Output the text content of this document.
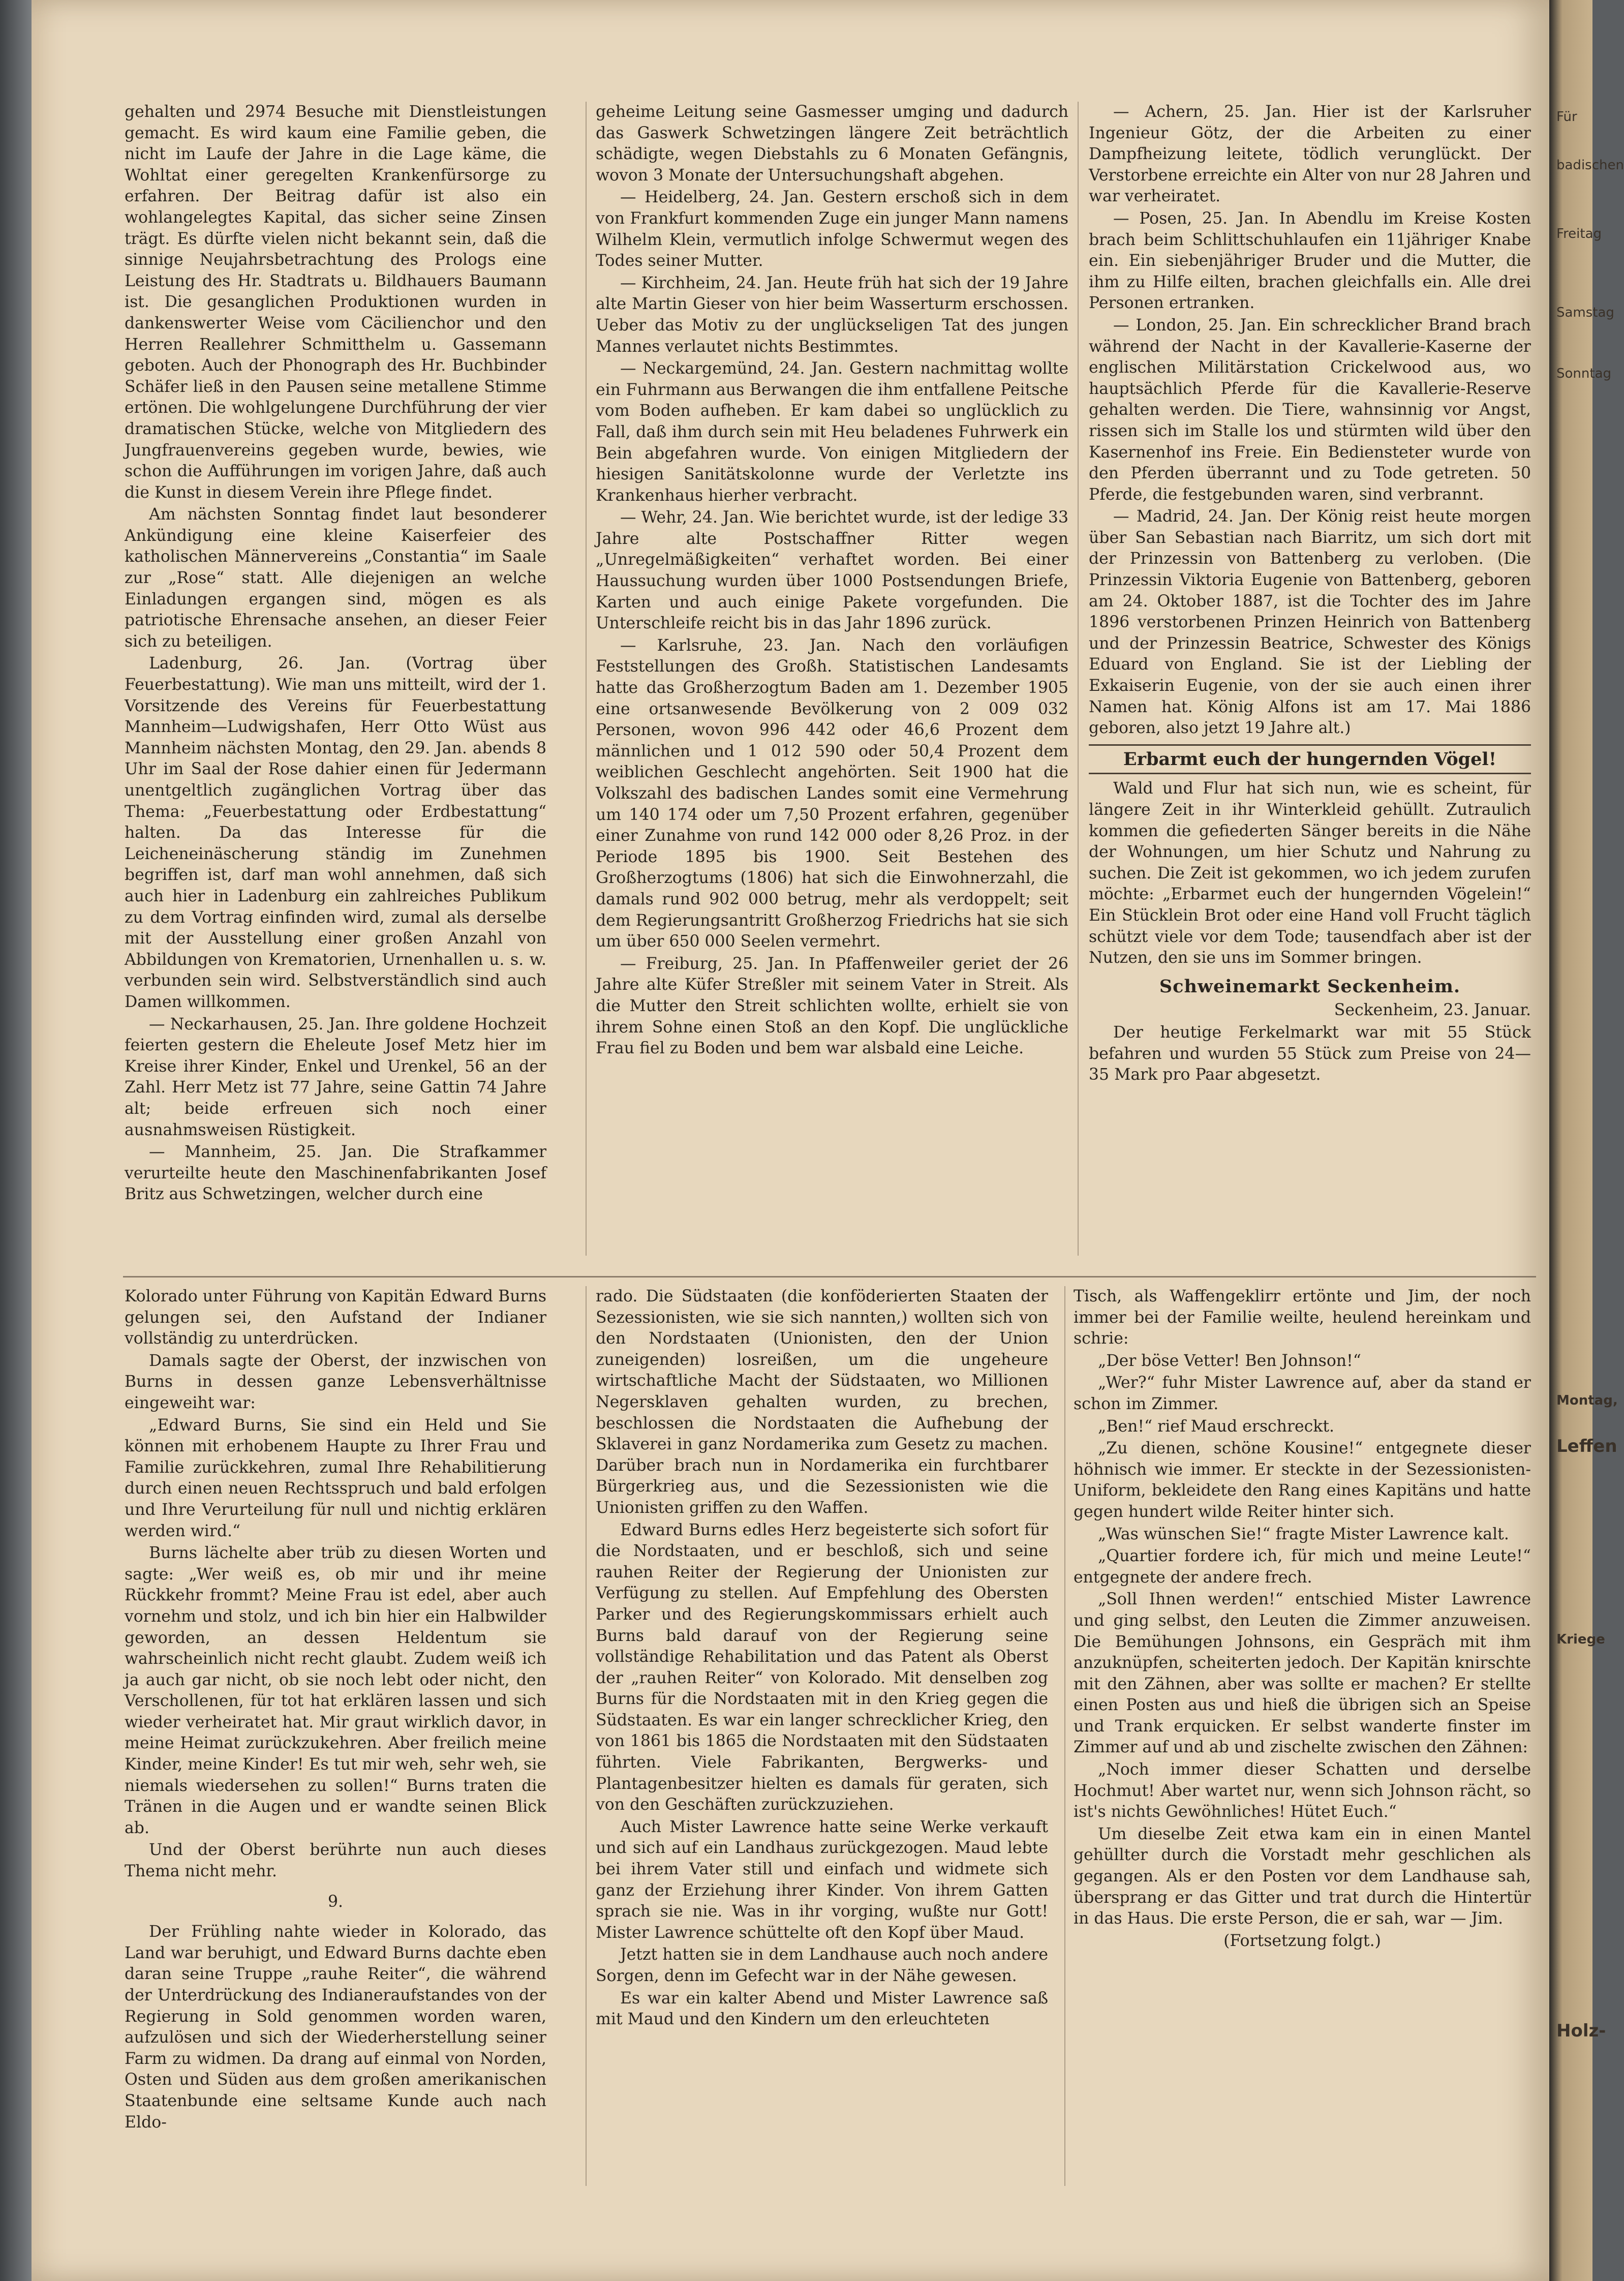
gehalten und 2974 Besuche mit Dienstleistungen gemacht. Es wird kaum eine Familie geben, die nicht im Laufe der Jahre in die Lage käme, die Wohltat einer geregelten Krankenfürsorge zu erfahren. Der Beitrag dafür ist also ein wohlangelegtes Kapital, das sicher seine Zinsen trägt. Es dürfte vielen nicht bekannt sein, daß die sinnige Neujahrsbetrachtung des Prologs eine Leistung des Hr. Stadtrats u. Bildhauers Baumann ist. Die gesanglichen Produktionen wurden in dankenswerter Weise vom Cäcilienchor und den Herren Reallehrer Schmitthelm u. Gassemann geboten. Auch der Phonograph des Hr. Buchbinder Schäfer ließ in den Pausen seine metallene Stimme ertönen. Die wohlgelungene Durchführung der vier dramatischen Stücke, welche von Mitgliedern des Jungfrauenvereins gegeben wurde, bewies, wie schon die Aufführungen im vorigen Jahre, daß auch die Kunst in diesem Verein ihre Pflege findet.

Am nächsten Sonntag findet laut besonderer Ankündigung eine kleine Kaiserfeier des katholischen Männervereins „Constantia“ im Saale zur „Rose“ statt. Alle diejenigen an welche Einladungen ergangen sind, mögen es als patriotische Ehrensache ansehen, an dieser Feier sich zu beteiligen.

Ladenburg, 26. Jan. (Vortrag über Feuerbestattung). Wie man uns mitteilt, wird der 1. Vorsitzende des Vereins für Feuerbestattung Mannheim—Ludwigshafen, Herr Otto Wüst aus Mannheim nächsten Montag, den 29. Jan. abends 8 Uhr im Saal der Rose dahier einen für Jedermann unentgeltlich zugänglichen Vortrag über das Thema: „Feuerbestattung oder Erdbestattung“ halten. Da das Interesse für die Leicheneinäscherung ständig im Zunehmen begriffen ist, darf man wohl annehmen, daß sich auch hier in Ladenburg ein zahlreiches Publikum zu dem Vortrag einfinden wird, zumal als derselbe mit der Ausstellung einer großen Anzahl von Abbildungen von Krematorien, Urnenhallen u. s. w. verbunden sein wird. Selbstverständlich sind auch Damen willkommen.

— Neckarhausen, 25. Jan. Ihre goldene Hochzeit feierten gestern die Eheleute Josef Metz hier im Kreise ihrer Kinder, Enkel und Urenkel, 56 an der Zahl. Herr Metz ist 77 Jahre, seine Gattin 74 Jahre alt; beide erfreuen sich noch einer ausnahmsweisen Rüstigkeit.

— Mannheim, 25. Jan. Die Strafkammer verurteilte heute den Maschinenfabrikanten Josef Britz aus Schwetzingen, welcher durch eine

geheime Leitung seine Gasmesser umging und dadurch das Gaswerk Schwetzingen längere Zeit beträchtlich schädigte, wegen Diebstahls zu 6 Monaten Gefängnis, wovon 3 Monate der Untersuchungshaft abgehen.

— Heidelberg, 24. Jan. Gestern erschoß sich in dem von Frankfurt kommenden Zuge ein junger Mann namens Wilhelm Klein, vermutlich infolge Schwermut wegen des Todes seiner Mutter.

— Kirchheim, 24. Jan. Heute früh hat sich der 19 Jahre alte Martin Gieser von hier beim Wasserturm erschossen. Ueber das Motiv zu der unglückseligen Tat des jungen Mannes verlautet nichts Bestimmtes.

— Neckargemünd, 24. Jan. Gestern nachmittag wollte ein Fuhrmann aus Berwangen die ihm entfallene Peitsche vom Boden aufheben. Er kam dabei so unglücklich zu Fall, daß ihm durch sein mit Heu beladenes Fuhrwerk ein Bein abgefahren wurde. Von einigen Mitgliedern der hiesigen Sanitätskolonne wurde der Verletzte ins Krankenhaus hierher verbracht.

— Wehr, 24. Jan. Wie berichtet wurde, ist der ledige 33 Jahre alte Postschaffner Ritter wegen „Unregelmäßigkeiten“ verhaftet worden. Bei einer Haussuchung wurden über 1000 Postsendungen Briefe, Karten und auch einige Pakete vorgefunden. Die Unterschleife reicht bis in das Jahr 1896 zurück.

— Karlsruhe, 23. Jan. Nach den vorläufigen Feststellungen des Großh. Statistischen Landesamts hatte das Großherzogtum Baden am 1. Dezember 1905 eine ortsanwesende Bevölkerung von 2 009 032 Personen, wovon 996 442 oder 46,6 Prozent dem männlichen und 1 012 590 oder 50,4 Prozent dem weiblichen Geschlecht angehörten. Seit 1900 hat die Volkszahl des badischen Landes somit eine Vermehrung um 140 174 oder um 7,50 Prozent erfahren, gegenüber einer Zunahme von rund 142 000 oder 8,26 Proz. in der Periode 1895 bis 1900. Seit Bestehen des Großherzogtums (1806) hat sich die Einwohnerzahl, die damals rund 902 000 betrug, mehr als verdoppelt; seit dem Regierungsantritt Großherzog Friedrichs hat sie sich um über 650 000 Seelen vermehrt.

— Freiburg, 25. Jan. In Pfaffenweiler geriet der 26 Jahre alte Küfer Streßler mit seinem Vater in Streit. Als die Mutter den Streit schlichten wollte, erhielt sie von ihrem Sohne einen Stoß an den Kopf. Die unglückliche Frau fiel zu Boden und bem war alsbald eine Leiche.

— Achern, 25. Jan. Hier ist der Karlsruher Ingenieur Götz, der die Arbeiten zu einer Dampfheizung leitete, tödlich verunglückt. Der Verstorbene erreichte ein Alter von nur 28 Jahren und war verheiratet.

— Posen, 25. Jan. In Abendlu im Kreise Kosten brach beim Schlittschuhlaufen ein 11jähriger Knabe ein. Ein siebenjähriger Bruder und die Mutter, die ihm zu Hilfe eilten, brachen gleichfalls ein. Alle drei Personen ertranken.

— London, 25. Jan. Ein schrecklicher Brand brach während der Nacht in der Kavallerie-Kaserne der englischen Militärstation Crickelwood aus, wo hauptsächlich Pferde für die Kavallerie-Reserve gehalten werden. Die Tiere, wahnsinnig vor Angst, rissen sich im Stalle los und stürmten wild über den Kasernenhof ins Freie. Ein Bediensteter wurde von den Pferden überrannt und zu Tode getreten. 50 Pferde, die festgebunden waren, sind verbrannt.

— Madrid, 24. Jan. Der König reist heute morgen über San Sebastian nach Biarritz, um sich dort mit der Prinzessin von Battenberg zu verloben. (Die Prinzessin Viktoria Eugenie von Battenberg, geboren am 24. Oktober 1887, ist die Tochter des im Jahre 1896 verstorbenen Prinzen Heinrich von Battenberg und der Prinzessin Beatrice, Schwester des Königs Eduard von England. Sie ist der Liebling der Exkaiserin Eugenie, von der sie auch einen ihrer Namen hat. König Alfons ist am 17. Mai 1886 geboren, also jetzt 19 Jahre alt.)

Erbarmt euch der hungernden Vögel!

Wald und Flur hat sich nun, wie es scheint, für längere Zeit in ihr Winterkleid gehüllt. Zutraulich kommen die gefiederten Sänger bereits in die Nähe der Wohnungen, um hier Schutz und Nahrung zu suchen. Die Zeit ist gekommen, wo ich jedem zurufen möchte: „Erbarmet euch der hungernden Vögelein!“ Ein Stücklein Brot oder eine Hand voll Frucht täglich schützt viele vor dem Tode; tausendfach aber ist der Nutzen, den sie uns im Sommer bringen.

Schweinemarkt Seckenheim.

Seckenheim, 23. Januar.

Der heutige Ferkelmarkt war mit 55 Stück befahren und wurden 55 Stück zum Preise von 24—35 Mark pro Paar abgesetzt.

Kolorado unter Führung von Kapitän Edward Burns gelungen sei, den Aufstand der Indianer vollständig zu unterdrücken.

Damals sagte der Oberst, der inzwischen von Burns in dessen ganze Lebensverhältnisse eingeweiht war:

„Edward Burns, Sie sind ein Held und Sie können mit erhobenem Haupte zu Ihrer Frau und Familie zurückkehren, zumal Ihre Rehabilitierung durch einen neuen Rechtsspruch und bald erfolgen und Ihre Verurteilung für null und nichtig erklären werden wird.“

Burns lächelte aber trüb zu diesen Worten und sagte: „Wer weiß es, ob mir und ihr meine Rückkehr frommt? Meine Frau ist edel, aber auch vornehm und stolz, und ich bin hier ein Halbwilder geworden, an dessen Heldentum sie wahrscheinlich nicht recht glaubt. Zudem weiß ich ja auch gar nicht, ob sie noch lebt oder nicht, den Verschollenen, für tot hat erklären lassen und sich wieder verheiratet hat. Mir graut wirklich davor, in meine Heimat zurückzukehren. Aber freilich meine Kinder, meine Kinder! Es tut mir weh, sehr weh, sie niemals wiedersehen zu sollen!“ Burns traten die Tränen in die Augen und er wandte seinen Blick ab.

Und der Oberst berührte nun auch dieses Thema nicht mehr.

9.

Der Frühling nahte wieder in Kolorado, das Land war beruhigt, und Edward Burns dachte eben daran seine Truppe „rauhe Reiter“, die während der Unterdrückung des Indianeraufstandes von der Regierung in Sold genommen worden waren, aufzulösen und sich der Wiederherstellung seiner Farm zu widmen. Da drang auf einmal von Norden, Osten und Süden aus dem großen amerikanischen Staatenbunde eine seltsame Kunde auch nach Eldo-

rado. Die Südstaaten (die konföderierten Staaten der Sezessionisten, wie sie sich nannten,) wollten sich von den Nordstaaten (Unionisten, den der Union zuneigenden) losreißen, um die ungeheure wirtschaftliche Macht der Südstaaten, wo Millionen Negersklaven gehalten wurden, zu brechen, beschlossen die Nordstaaten die Aufhebung der Sklaverei in ganz Nordamerika zum Gesetz zu machen. Darüber brach nun in Nordamerika ein furchtbarer Bürgerkrieg aus, und die Sezessionisten wie die Unionisten griffen zu den Waffen.

Edward Burns edles Herz begeisterte sich sofort für die Nordstaaten, und er beschloß, sich und seine rauhen Reiter der Regierung der Unionisten zur Verfügung zu stellen. Auf Empfehlung des Obersten Parker und des Regierungskommissars erhielt auch Burns bald darauf von der Regierung seine vollständige Rehabilitation und das Patent als Oberst der „rauhen Reiter“ von Kolorado. Mit denselben zog Burns für die Nordstaaten mit in den Krieg gegen die Südstaaten. Es war ein langer schrecklicher Krieg, den von 1861 bis 1865 die Nordstaaten mit den Südstaaten führten. Viele Fabrikanten, Bergwerks- und Plantagenbesitzer hielten es damals für geraten, sich von den Geschäften zurückzuziehen.

Auch Mister Lawrence hatte seine Werke verkauft und sich auf ein Landhaus zurückgezogen. Maud lebte bei ihrem Vater still und einfach und widmete sich ganz der Erziehung ihrer Kinder. Von ihrem Gatten sprach sie nie. Was in ihr vorging, wußte nur Gott! Mister Lawrence schüttelte oft den Kopf über Maud.

Jetzt hatten sie in dem Landhause auch noch andere Sorgen, denn im Gefecht war in der Nähe gewesen.

Es war ein kalter Abend und Mister Lawrence saß mit Maud und den Kindern um den erleuchteten

Tisch, als Waffengeklirr ertönte und Jim, der noch immer bei der Familie weilte, heulend hereinkam und schrie:

„Der böse Vetter! Ben Johnson!“

„Wer?“ fuhr Mister Lawrence auf, aber da stand er schon im Zimmer.

„Ben!“ rief Maud erschreckt.

„Zu dienen, schöne Kousine!“ entgegnete dieser höhnisch wie immer. Er steckte in der Sezessionisten-Uniform, bekleidete den Rang eines Kapitäns und hatte gegen hundert wilde Reiter hinter sich.

„Was wünschen Sie!“ fragte Mister Lawrence kalt.

„Quartier fordere ich, für mich und meine Leute!“ entgegnete der andere frech.

„Soll Ihnen werden!“ entschied Mister Lawrence und ging selbst, den Leuten die Zimmer anzuweisen. Die Bemühungen Johnsons, ein Gespräch mit ihm anzuknüpfen, scheiterten jedoch. Der Kapitän knirschte mit den Zähnen, aber was sollte er machen? Er stellte einen Posten aus und hieß die übrigen sich an Speise und Trank erquicken. Er selbst wanderte finster im Zimmer auf und ab und zischelte zwischen den Zähnen:

„Noch immer dieser Schatten und derselbe Hochmut! Aber wartet nur, wenn sich Johnson rächt, so ist's nichts Gewöhnliches! Hütet Euch.“

Um dieselbe Zeit etwa kam ein in einen Mantel gehüllter durch die Vorstadt mehr geschlichen als gegangen. Als er den Posten vor dem Landhause sah, übersprang er das Gitter und trat durch die Hintertür in das Haus. Die erste Person, die er sah, war — Jim.

(Fortsetzung folgt.)

Für
badischen
Freitag
Samstag
Sonntag
Kriege
Montag,
Leffen
Holz-
